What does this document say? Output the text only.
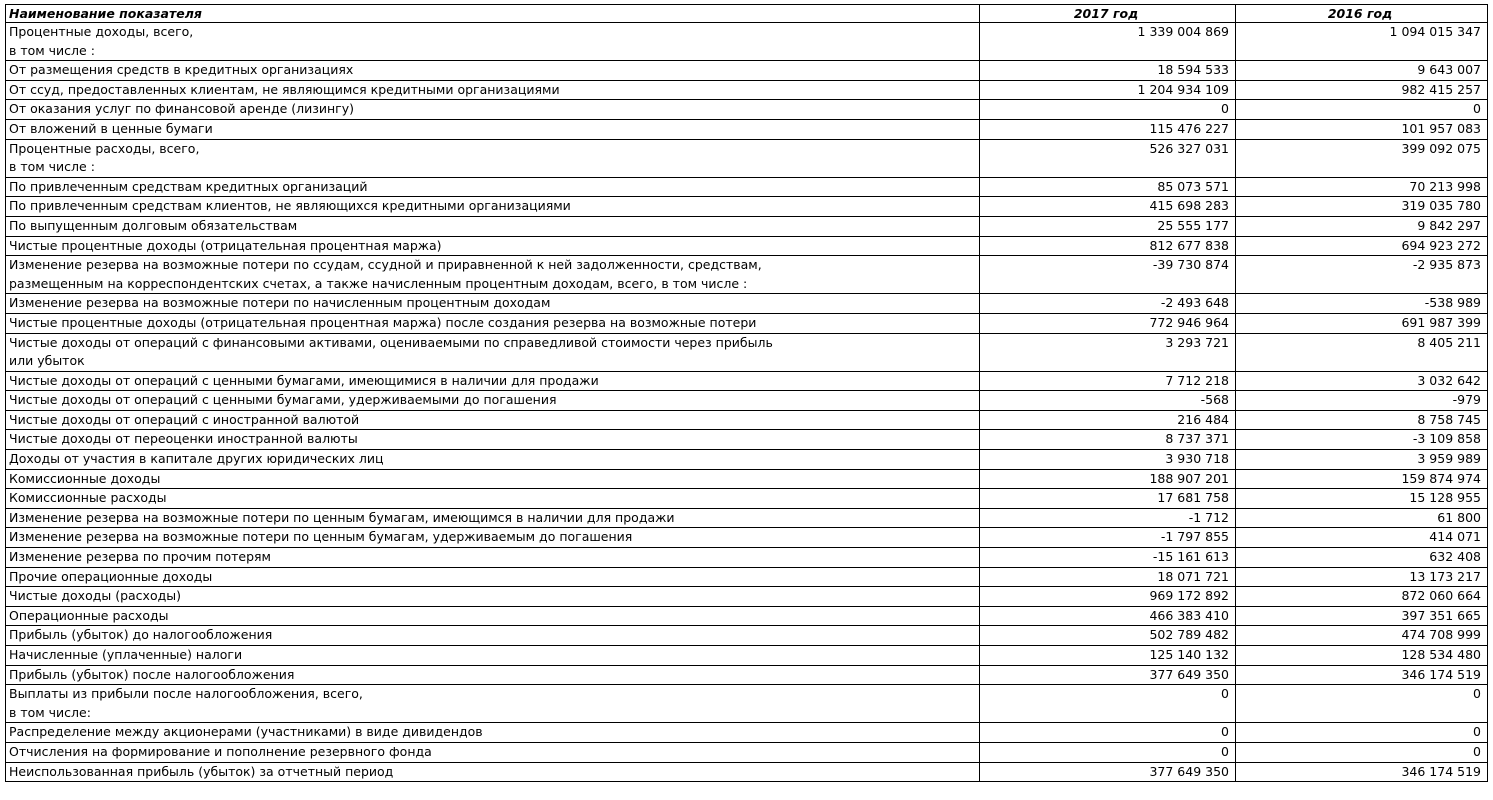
Наименование показателя	2017 год	2016 год
Процентные доходы, всего,
в том числе :	1 339 004 869	1 094 015 347
От размещения средств в кредитных организациях	18 594 533	9 643 007
От ссуд, предоставленных клиентам, не являющимся кредитными организациями	1 204 934 109	982 415 257
От оказания услуг по финансовой аренде (лизингу)	0	0
От вложений в ценные бумаги	115 476 227	101 957 083
Процентные расходы, всего,
в том числе :	526 327 031	399 092 075
По привлеченным средствам кредитных организаций	85 073 571	70 213 998
По привлеченным средствам клиентов, не являющихся кредитными организациями	415 698 283	319 035 780
По выпущенным долговым обязательствам	25 555 177	9 842 297
Чистые процентные доходы (отрицательная процентная маржа)	812 677 838	694 923 272
Изменение резерва на возможные потери по ссудам, ссудной и приравненной к ней задолженности, средствам,
размещенным на корреспондентских счетах, а также начисленным процентным доходам, всего, в том числе :	-39 730 874	-2 935 873
Изменение резерва на возможные потери по начисленным процентным доходам	-2 493 648	-538 989
Чистые процентные доходы (отрицательная процентная маржа) после создания резерва на возможные потери	772 946 964	691 987 399
Чистые доходы от операций с финансовыми активами, оцениваемыми по справедливой стоимости через прибыль
или убыток	3 293 721	8 405 211
Чистые доходы от операций с ценными бумагами, имеющимися в наличии для продажи	7 712 218	3 032 642
Чистые доходы от операций с ценными бумагами, удерживаемыми до погашения	-568	-979
Чистые доходы от операций с иностранной валютой	216 484	8 758 745
Чистые доходы от переоценки иностранной валюты	8 737 371	-3 109 858
Доходы от участия в капитале других юридических лиц	3 930 718	3 959 989
Комиссионные доходы	188 907 201	159 874 974
Комиссионные расходы	17 681 758	15 128 955
Изменение резерва на возможные потери по ценным бумагам, имеющимся в наличии для продажи	-1 712	61 800
Изменение резерва на возможные потери по ценным бумагам, удерживаемым до погашения	-1 797 855	414 071
Изменение резерва по прочим потерям	-15 161 613	632 408
Прочие операционные доходы	18 071 721	13 173 217
Чистые доходы (расходы)	969 172 892	872 060 664
Операционные расходы	466 383 410	397 351 665
Прибыль (убыток) до налогообложения	502 789 482	474 708 999
Начисленные (уплаченные) налоги	125 140 132	128 534 480
Прибыль (убыток) после налогообложения	377 649 350	346 174 519
Выплаты из прибыли после налогообложения, всего,
в том числе:	0	0
Распределение между акционерами (участниками) в виде дивидендов	0	0
Отчисления на формирование и пополнение резервного фонда	0	0
Неиспользованная прибыль (убыток) за отчетный период	377 649 350	346 174 519
